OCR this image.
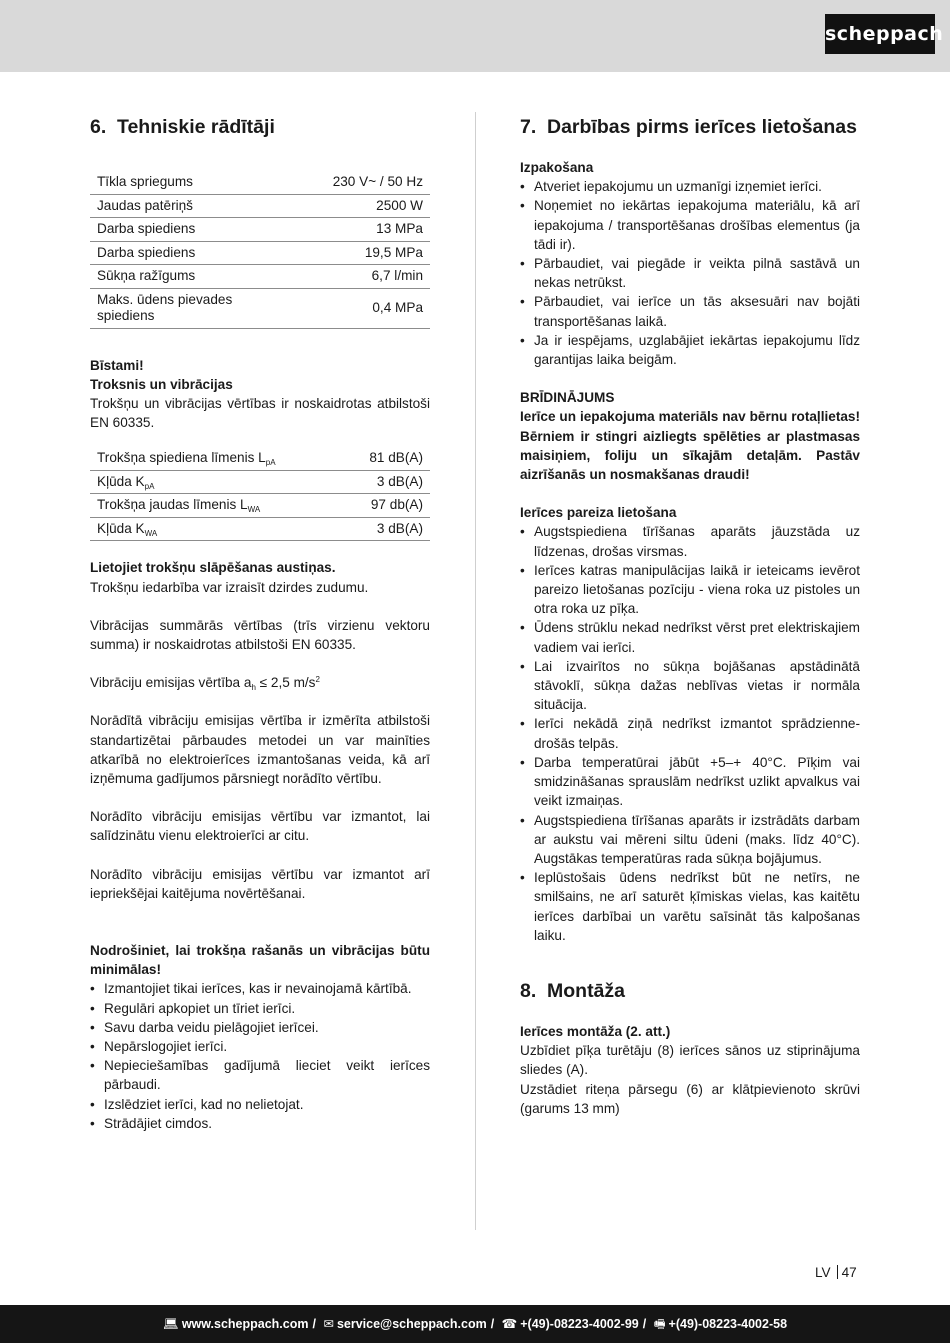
scheppach
6. Tehniskie rādītāji
Tīkla spriegums	230 V~ / 50 Hz
Jaudas patēriņš	2500 W
Darba spiediens	13 MPa
Darba spiediens	19,5 MPa
Sūkņa ražīgums	6,7 l/min
Maks. ūdens pievades spiediens	0,4 MPa

Bīstami!

Troksnis un vibrācijas

Trokšņu un vibrācijas vērtības ir noskaidrotas atbilstoši EN 60335.

Trokšņa spiediena līmenis $L_{pA}$	81 dB(A)
Kļūda $K_{pA}$	3 dB(A)
Trokšņa jaudas līmenis $L_{WA}$	97 db(A)
Kļūda $K_{WA}$	3 dB(A)

Lietojiet trokšņu slāpēšanas austiņas.

Trokšņu iedarbība var izraisīt dzirdes zudumu.

Vibrācijas summārās vērtības (trīs virzienu vektoru summa) ir noskaidrotas atbilstoši EN 60335.

Vibrāciju emisijas vērtība $a_h \le 2,5$ $m/s^2$

Norādītā vibrāciju emisijas vērtība ir izmērīta atbilstoši standartizētai pārbaudes metodei un var mainīties atkarībā no elektroierīces izmantošanas veida, kā arī izņēmuma gadījumos pārsniegt norādīto vērtību.

Norādīto vibrāciju emisijas vērtību var izmantot, lai salīdzinātu vienu elektroierīci ar citu.

Norādīto vibrāciju emisijas vērtību var izmantot arī iepriekšējai kaitējuma novērtēšanai.

Nodrošiniet, lai trokšņa rašanās un vibrācijas būtu minimālas!

• Izmantojiet tikai ierīces, kas ir nevainojamā kārtībā.
• Regulāri apkopiet un tīriet ierīci.
• Savu darba veidu pielāgojiet ierīcei.
• Nepārslogojiet ierīci.
• Nepieciešamības gadījumā lieciet veikt ierīces pārbaudi.
• Izslēdziet ierīci, kad no nelietojat.
• Strādājiet cimdos.
7. Darbības pirms ierīces lietošanas

Izpakošana

• Atveriet iepakojumu un uzmanīgi izņemiet ierīci.
• Noņemiet no iekārtas iepakojuma materiālu, kā arī iepakojuma / transportēšanas drošības elementus (ja tādi ir).
• Pārbaudiet, vai piegāde ir veikta pilnā sastāvā un nekas netrūkst.
• Pārbaudiet, vai ierīce un tās aksesuāri nav bojāti transportēšanas laikā.
• Ja ir iespējams, uzglabājiet iekārtas iepakojumu līdz garantijas laika beigām.

BRĪDINĀJUMS

Ierīce un iepakojuma materiāls nav bērnu rotaļlietas! Bērniem ir stingri aizliegts spēlēties ar plastmasas maisiņiem, foliju un sīkajām detaļām. Pastāv aizrīšanās un nosmakšanas draudi!

Ierīces pareiza lietošana

• Augstspiediena tīrīšanas aparāts jāuzstāda uz līdzenas, drošas virsmas.
• Ierīces katras manipulācijas laikā ir ieteicams ievērot pareizo lietošanas pozīciju - viena roka uz pistoles un otra roka uz pīķa.
• Ūdens strūklu nekad nedrīkst vērst pret elektriskajiem vadiem vai ierīci.
• Lai izvairītos no sūkņa bojāšanas apstādinātā stāvoklī, sūkņa dažas neblīvas vietas ir normāla situācija.
• Ierīci nekādā ziņā nedrīkst izmantot sprādziennedrošās telpās.
• Darba temperatūrai jābūt +5–+ 40°C. Pīķim vai smidzināšanas sprauslām nedrīkst uzlikt apvalkus vai veikt izmaiņas.
• Augstspiediena tīrīšanas aparāts ir izstrādāts darbam ar aukstu vai mēreni siltu ūdeni (maks. līdz 40°C). Augstākas temperatūras rada sūkņa bojājumus.
• Ieplūstošais ūdens nedrīkst būt ne netīrs, ne smilšains, ne arī saturēt ķīmiskas vielas, kas kaitētu ierīces darbībai un varētu saīsināt tās kalpošanas laiku.
8. Montāža

Ierīces montāža (2. att.)

Uzbīdiet pīķa turētāju (8) ierīces sānos uz stiprinājuma sliedes (A).

Uzstādiet riteņa pārsegu (6) ar klātpievienoto skrūvi (garums 13 mm)

LV 47
💻︎ www.scheppach.com / ✉︎ service@scheppach.com / ☎︎ +(49)-08223-4002-99 / 🖷︎ +(49)-08223-4002-58
